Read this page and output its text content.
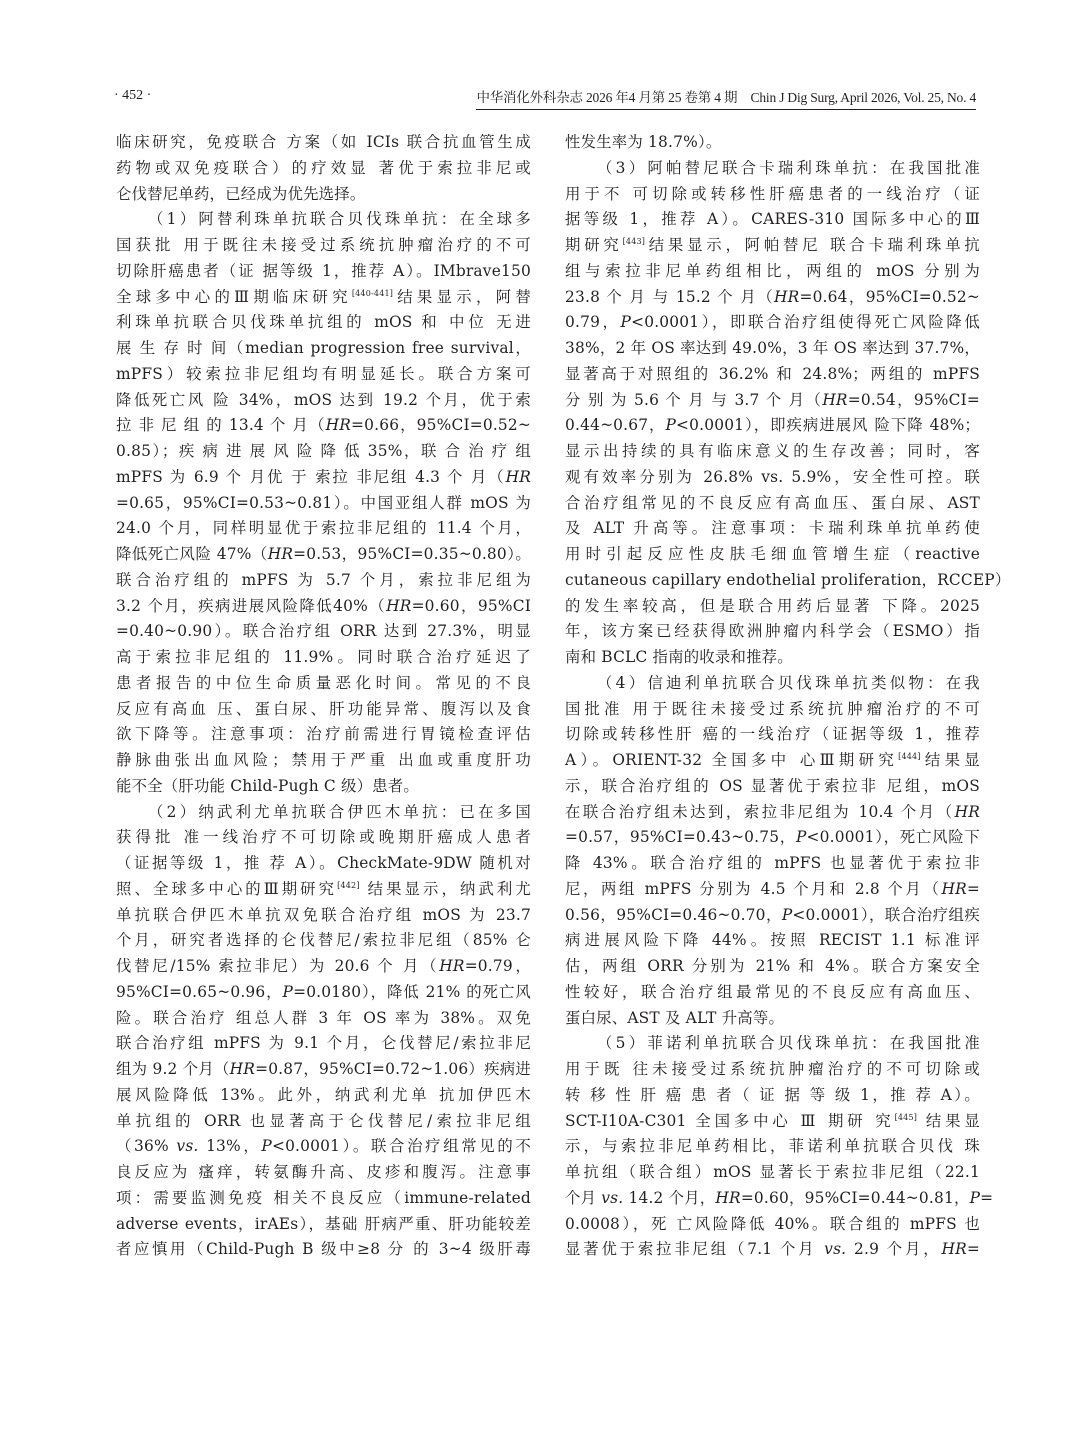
· 452 ·	中华消化外科杂志 2026 年4 月第 25 卷第 4 期　Chin J Dig Surg, April 2026, Vol. 25, No. 4
临床研究，免疫联合 方案（如 ICIs 联合抗血管生成
药物或双免疫联合）的疗效显 著优于索拉非尼或
仑伐替尼单药，已经成为优先选择。
（1）阿替利珠单抗联合贝伐珠单抗：在全球多
国获批 用于既往未接受过系统抗肿瘤治疗的不可
切除肝癌患者（证 据等级 1，推荐 A）。IMbrave150
全球多中心的Ⅲ期临床研究[440-441]结果显示，阿替
利珠单抗联合贝伐珠单抗组的 mOS 和 中位 无进
展 生 存 时 间（median progression free survival，
mPFS）较索拉非尼组均有明显延长。联合方案可
降低死亡风 险 34%，mOS 达到 19.2 个月，优于索
拉 非 尼 组 的 13.4 个 月（HR=0.66，95%CI=0.52~
0.85）；疾 病 进 展 风 险 降 低 35%，联 合 治 疗 组
mPFS 为 6.9 个 月优 于 索拉 非尼组 4.3 个 月（HR
=0.65，95%CI=0.53~0.81）。中国亚组人群 mOS 为
24.0 个月，同样明显优于索拉非尼组的 11.4 个月，
降低死亡风险 47%（HR=0.53，95%CI=0.35~0.80）。
联合治疗组的 mPFS 为 5.7 个月，索拉非尼组为
3.2 个月，疾病进展风险降低40%（HR=0.60，95%CI
=0.40~0.90）。联合治疗组 ORR 达到 27.3%，明显
高于索拉非尼组的 11.9%。同时联合治疗延迟了
患者报告的中位生命质量恶化时间。常见的不良
反应有高血 压、蛋白尿、肝功能异常、腹泻以及食
欲下降等。注意事项：治疗前需进行胃镜检查评估
静脉曲张出血风险；禁用于严重 出血或重度肝功
能不全（肝功能 Child-Pugh C 级）患者。
（2）纳武利尤单抗联合伊匹木单抗：已在多国
获得批 准一线治疗不可切除或晚期肝癌成人患者
（证据等级 1，推 荐 A）。CheckMate-9DW 随机对
照、全球多中心的Ⅲ期研究[442] 结果显示，纳武利尤
单抗联合伊匹木单抗双免联合治疗组 mOS 为 23.7
个月，研究者选择的仑伐替尼/索拉非尼组（85% 仑
伐替尼/15% 索拉非尼）为 20.6 个 月（HR=0.79，
95%CI=0.65~0.96，P=0.0180），降低 21% 的死亡风
险。联合治疗 组总人群 3 年 OS 率为 38%。双免
联合治疗组 mPFS 为 9.1 个月，仑伐替尼/索拉非尼
组为 9.2 个月（HR=0.87，95%CI=0.72~1.06）疾病进
展风险降低 13%。此外，纳武利尤单 抗加伊匹木
单抗组的 ORR 也显著高于仑伐替尼/索拉非尼组
（36% vs. 13%，P<0.0001）。联合治疗组常见的不
良反应为 瘙痒，转氨酶升高、皮疹和腹泻。注意事
项：需要监测免疫 相关不良反应（immune-related
adverse events，irAEs），基础 肝病严重、肝功能较差
者应慎用（Child-Pugh B 级中≥8 分 的 3~4 级肝毒
性发生率为 18.7%）。
（3）阿帕替尼联合卡瑞利珠单抗：在我国批准
用于不 可切除或转移性肝癌患者的一线治疗（证
据等级 1，推荐 A）。CARES-310 国际多中心的Ⅲ
期研究[443]结果显示，阿帕替尼 联合卡瑞利珠单抗
组与索拉非尼单药组相比，两组的 mOS 分别为
23.8 个 月 与 15.2 个 月（HR=0.64，95%CI=0.52~
0.79，P<0.0001），即联合治疗组使得死亡风险降低
38%，2 年 OS 率达到 49.0%，3 年 OS 率达到 37.7%，
显著高于对照组的 36.2% 和 24.8%；两组的 mPFS
分 别 为 5.6 个 月 与 3.7 个 月（HR=0.54，95%CI=
0.44~0.67，P<0.0001），即疾病进展风 险下降 48%；
显示出持续的具有临床意义的生存改善；同时，客
观有效率分别为 26.8% vs. 5.9%，安全性可控。联
合治疗组常见的不良反应有高血压、蛋白尿、AST
及 ALT 升高等。注意事项：卡瑞利珠单抗单药使
用时引起反应性皮肤毛细血管增生症（reactive
cutaneous capillary endothelial proliferation，RCCEP）
的发生率较高，但是联合用药后显著 下降。2025
年，该方案已经获得欧洲肿瘤内科学会（ESMO）指
南和 BCLC 指南的收录和推荐。
（4）信迪利单抗联合贝伐珠单抗类似物：在我
国批准 用于既往未接受过系统抗肿瘤治疗的不可
切除或转移性肝 癌的一线治疗（证据等级 1，推荐
A）。ORIENT-32 全国多中 心Ⅲ期研究[444]结果显
示，联合治疗组的 OS 显著优于索拉非 尼组，mOS
在联合治疗组未达到，索拉非尼组为 10.4 个月（HR
=0.57，95%CI=0.43~0.75，P<0.0001），死亡风险下
降 43%。联合治疗组的 mPFS 也显著优于索拉非
尼，两组 mPFS 分别为 4.5 个月和 2.8 个月（HR=
0.56，95%CI=0.46~0.70，P<0.0001），联合治疗组疾
病进展风险下降 44%。按照 RECIST 1.1 标准评
估，两组 ORR 分别为 21% 和 4%。联合方案安全
性较好，联合治疗组最常见的不良反应有高血压、
蛋白尿、AST 及 ALT 升高等。
（5）菲诺利单抗联合贝伐珠单抗：在我国批准
用于既 往未接受过系统抗肿瘤治疗的不可切除或
转 移 性 肝 癌 患 者（ 证 据 等 级 1，推 荐 A）。
SCT-I10A-C301 全国多中心 Ⅲ 期研 究[445] 结果显
示，与索拉非尼单药相比，菲诺利单抗联合贝伐 珠
单抗组（联合组）mOS 显著长于索拉非尼组（22.1
个月 vs. 14.2 个月，HR=0.60，95%CI=0.44~0.81，P=
0.0008），死 亡风险降低 40%。联合组的 mPFS 也
显著优于索拉非尼组（7.1 个月 vs. 2.9 个月，HR=
